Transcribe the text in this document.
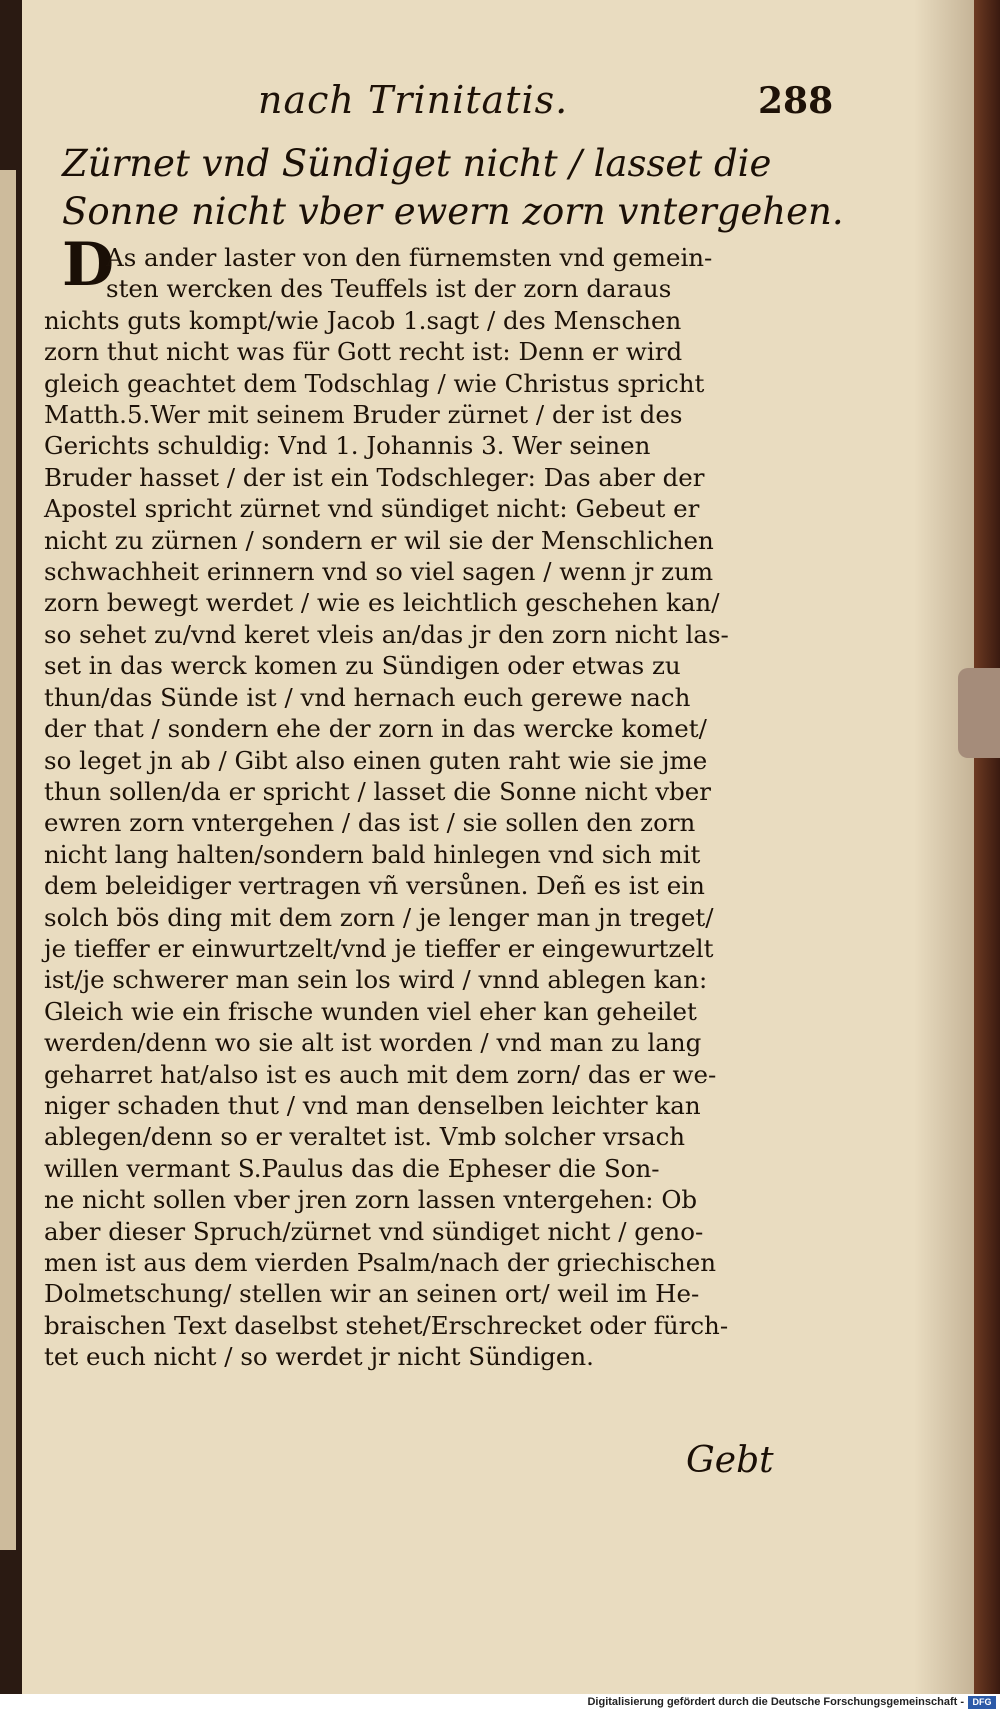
nach Trinitatis.	288
Zürnet vnd Sündiget nicht / lasset die
Sonne nicht vber ewern zorn vntergehen.
D
As ander laster von den fürnemsten vnd gemein-
sten wercken des Teuffels ist der zorn daraus
nichts guts kompt/wie Jacob 1.sagt / des Menschen
zorn thut nicht was für Gott recht ist: Denn er wird
gleich geachtet dem Todschlag / wie Christus spricht
Matth.5.Wer mit seinem Bruder zürnet / der ist des
Gerichts schuldig: Vnd 1. Johannis 3. Wer seinen
Bruder hasset / der ist ein Todschleger: Das aber der
Apostel spricht zürnet vnd sündiget nicht: Gebeut er
nicht zu zürnen / sondern er wil sie der Menschlichen
schwachheit erinnern vnd so viel sagen / wenn jr zum
zorn bewegt werdet / wie es leichtlich geschehen kan/
so sehet zu/vnd keret vleis an/das jr den zorn nicht las-
set in das werck komen zu Sündigen oder etwas zu
thun/das Sünde ist / vnd hernach euch gerewe nach
der that / sondern ehe der zorn in das wercke komet/
so leget jn ab / Gibt also einen guten raht wie sie jme
thun sollen/da er spricht / lasset die Sonne nicht vber
ewren zorn vntergehen / das ist / sie sollen den zorn
nicht lang halten/sondern bald hinlegen vnd sich mit
dem beleidiger vertragen vñ versůnen. Deñ es ist ein
solch bös ding mit dem zorn / je lenger man jn treget/
je tieffer er einwurtzelt/vnd je tieffer er eingewurtzelt
ist/je schwerer man sein los wird / vnnd ablegen kan:
Gleich wie ein frische wunden viel eher kan geheilet
werden/denn wo sie alt ist worden / vnd man zu lang
geharret hat/also ist es auch mit dem zorn/ das er we-
niger schaden thut / vnd man denselben leichter kan
ablegen/denn so er veraltet ist. Vmb solcher vrsach
willen vermant S.Paulus das die Epheser die Son-
ne nicht sollen vber jren zorn lassen vntergehen: Ob
aber dieser Spruch/zürnet vnd sündiget nicht / geno-
men ist aus dem vierden Psalm/nach der griechischen
Dolmetschung/ stellen wir an seinen ort/ weil im He-
braischen Text daselbst stehet/Erschrecket oder fürch-
tet euch nicht / so werdet jr nicht Sündigen.
Gebt
Digitalisierung gefördert durch die Deutsche Forschungsgemeinschaft - DFG
